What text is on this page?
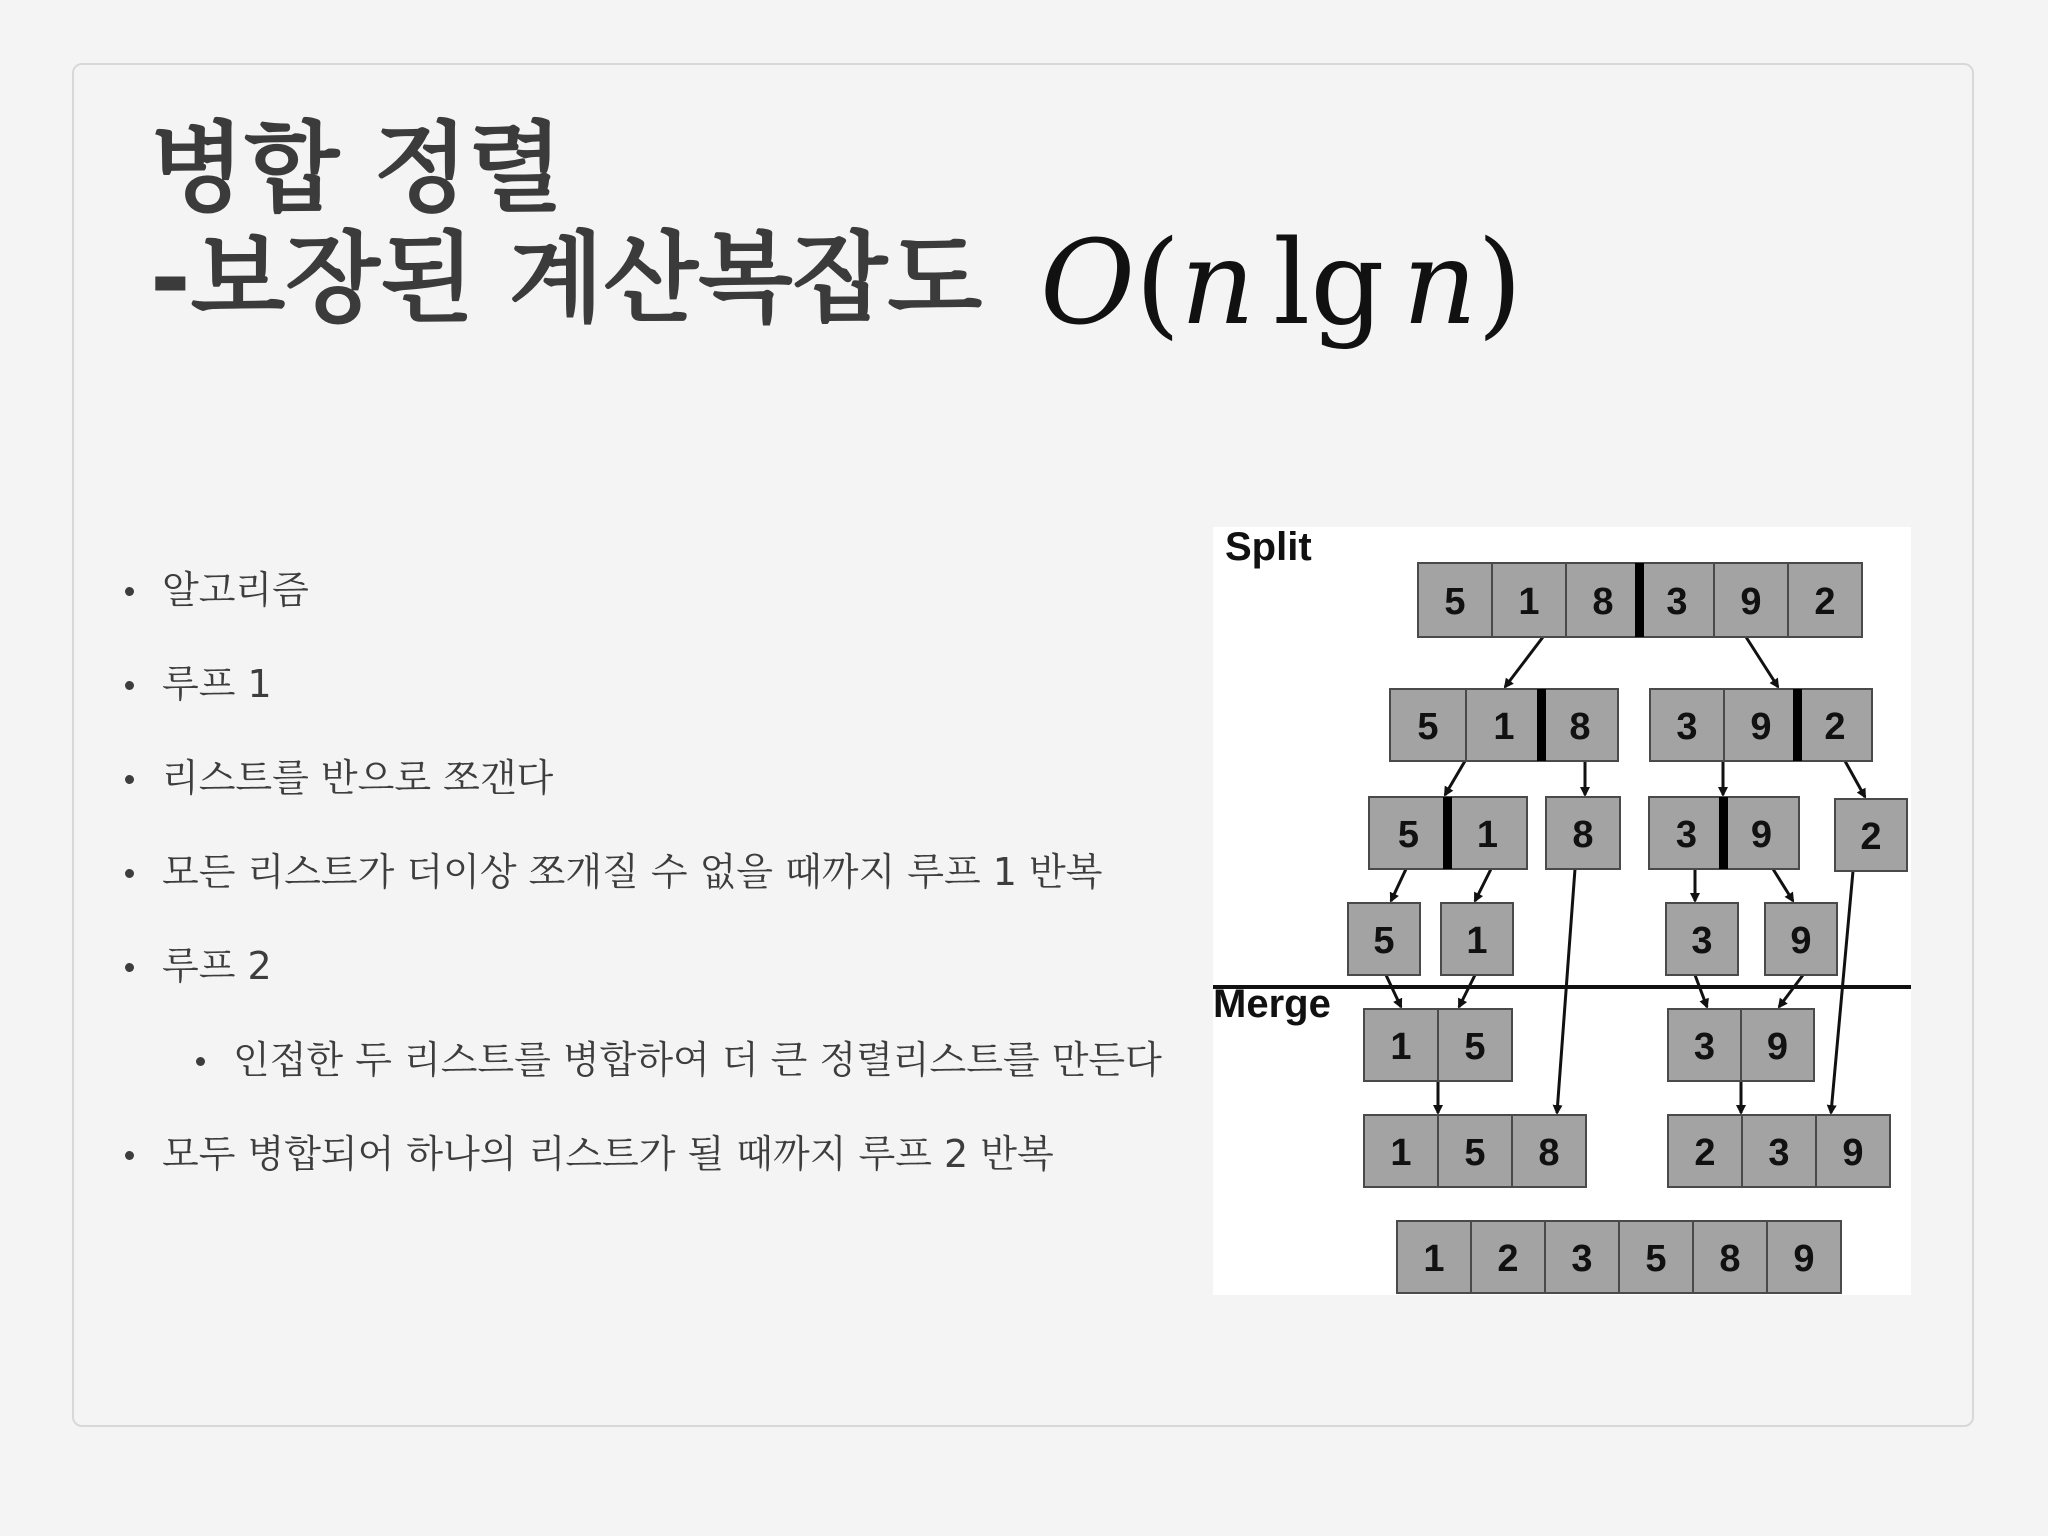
병합 정렬
-보장된 계산복잡도 O(n lg n)
알고리즘
루프 1
리스트를 반으로 쪼갠다
모든 리스트가 더이상 쪼개질 수 없을 때까지 루프 1 반복
루프 2
인접한 두 리스트를 병합하여 더 큰 정렬리스트를 만든다
모두 병합되어 하나의 리스트가 될 때까지 루프 2 반복
Split
Merge
5 1 8 3 9 2
5 1 8 3 9 2
5 1 8 3 9 2
5 1	3 9
1 5	3 9
1 5 8	2 3 9
1 2 3 5 8 9
